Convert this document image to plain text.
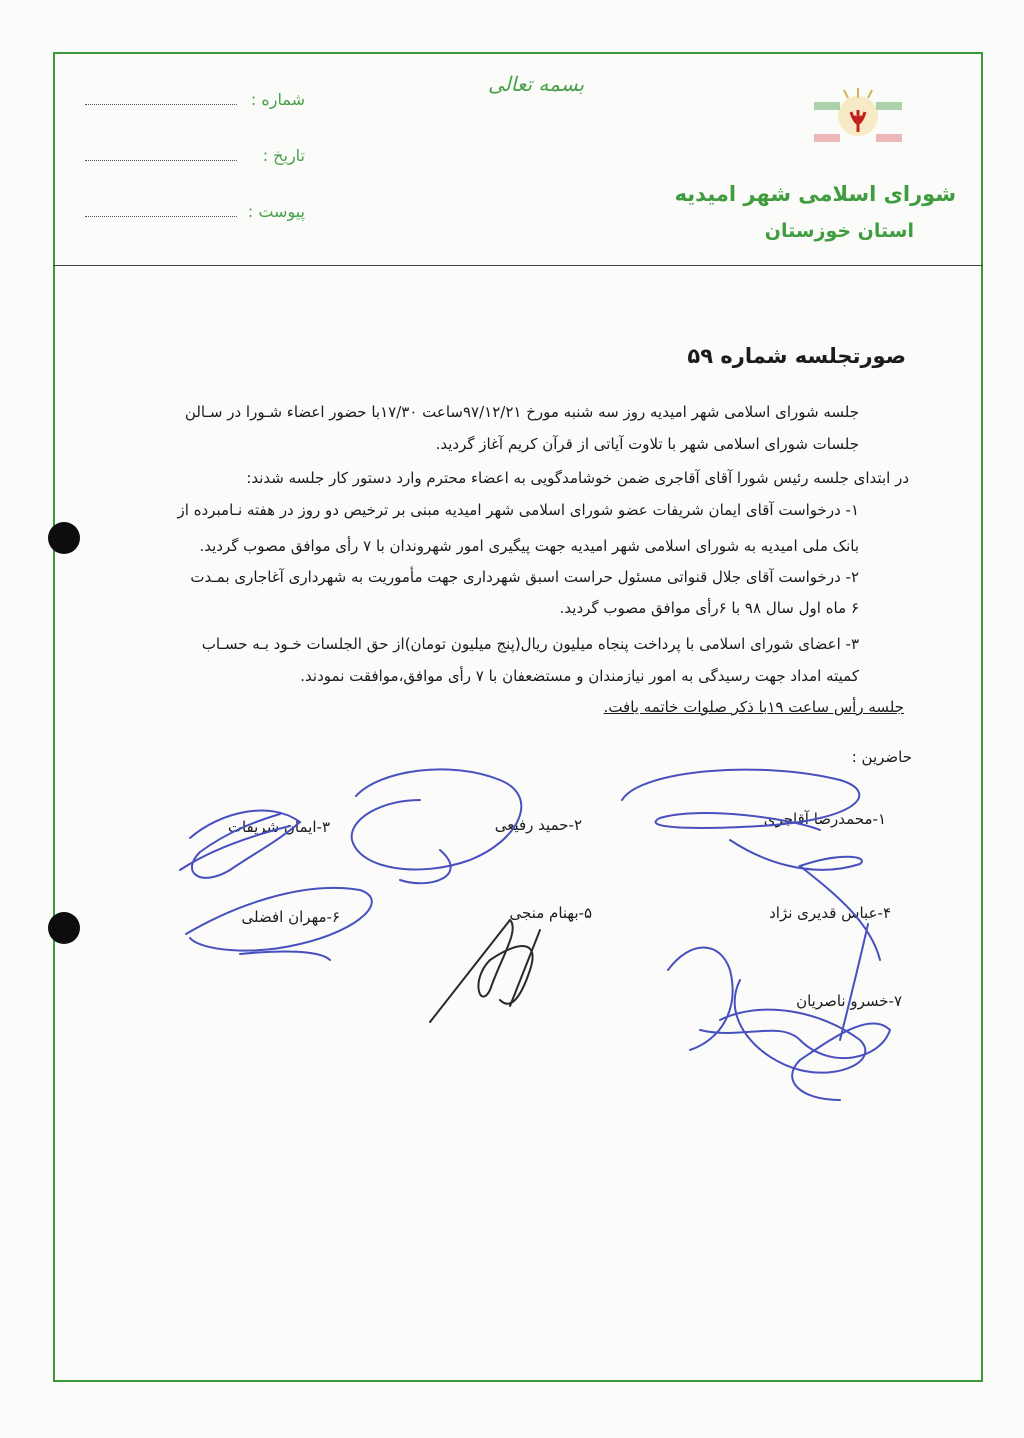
بسمه تعالی
شماره :
تاریخ :
پیوست :
شورای اسلامی شهر امیدیه
استان خوزستان
صورتجلسه شماره ۵۹
جلسه شورای اسلامی شهر امیدیه روز سه شنبه مورخ ۹۷/۱۲/۲۱ساعت ۱۷/۳۰با حضور اعضاء شـورا در سـالن
جلسات شورای اسلامی شهر با تلاوت آیاتی از قرآن کریم آغاز گردید.
در ابتدای جلسه رئیس شورا آقای آقاجری ضمن خوشامدگویی به اعضاء محترم وارد دستور کار جلسه شدند:
۱- درخواست آقای ایمان شریفات عضو شورای اسلامی شهر امیدیه مبنی بر ترخیص دو روز در هفته نـامبرده از
بانک ملی امیدیه به شورای اسلامی شهر امیدیه جهت پیگیری امور شهروندان با ۷ رأی موافق مصوب گردید.
۲- درخواست آقای جلال قنواتی مسئول حراست اسبق شهرداری جهت مأموریت به شهرداری آغاجاری بمـدت
۶ ماه اول سال ۹۸ با ۶رأی موافق مصوب گردید.
۳- اعضای شورای اسلامی با پرداخت پنجاه میلیون ریال(پنج میلیون تومان)از حق الجلسات خـود بـه حسـاب
کمیته امداد جهت رسیدگی به امور نیازمندان و مستضعفان با ۷ رأی موافق،موافقت نمودند.
جلسه رأس ساعت ۱۹با ذکر صلوات خاتمه یافت.
حاضرین :
۱-محمدرضا آقاجری
۲-حمید رفیعی
۳-ایمان شریفات
۴-عباس قدیری نژاد
۵-بهنام منجی
۶-مهران افضلی
۷-خسرو ناصریان
